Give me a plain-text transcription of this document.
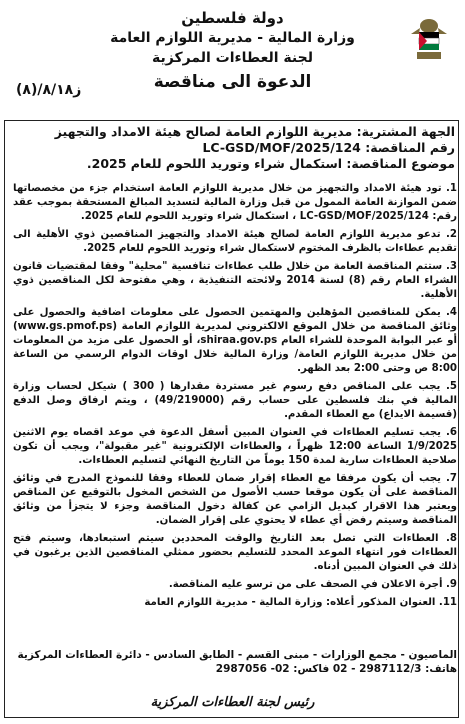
دولة فلسطين
وزارة المالية - مديرية اللوازم العامة
لجنة العطاءات المركزية
الدعوة الى مناقصة
ز٨/١٨/(٨)
الجهة المشترية: مديرية اللوازم العامة لصالح هيئة الامداد والتجهيز
رقم المناقصة: LC-GSD/MOF/2025/124
موضوع المناقصة: استكمال شراء وتوريد اللحوم للعام 2025.
1. تود هيئة الامداد والتجهيز من خلال مديرية اللوازم العامة استخدام جزء من مخصصاتها ضمن الموازنة العامة الممول من قبل وزارة المالية لتسديد المبالغ المستحقة بموجب عقد رقم: LC-GSD/MOF/2025/124 ، استكمال شراء وتوريد اللحوم للعام 2025.
2. تدعو مديرية اللوازم العامة لصالح هيئة الامداد والتجهيز المناقصين ذوي الأهلية الى تقديم عطاءات بالظرف المختوم لاستكمال شراء وتوريد اللحوم للعام 2025.
3. ستتم المناقصة العامة من خلال طلب عطاءات تنافسية "محلية" وفقا لمقتضيات قانون الشراء العام رقم (8) لسنة 2014 ولائحته التنفيذية ، وهي مفتوحة لكل المناقصين ذوي الأهلية.
4. يمكن للمناقصين المؤهلين والمهتمين الحصول على معلومات اضافية والحصول على وثائق المناقصة من خلال الموقع الالكتروني لمديرية اللوازم العامة (www.gs.pmof.ps) أو عبر البوابة الموحدة للشراء العام shiraa.gov.ps، أو الحصول على مزيد من المعلومات من خلال مديرية اللوازم العامة/ وزارة المالية خلال اوقات الدوام الرسمي من الساعة 8:00 ص وحتى 2:00 بعد الظهر.
5. يجب على المناقص دفع رسوم غير مستردة مقدارها ( 300 ) شيكل لحساب وزارة المالية في بنك فلسطين على حساب رقم (49/219000) ، ويتم ارفاق وصل الدفع (قسيمة الايداع) مع العطاء المقدم.
6. يجب تسليم العطاءات في العنوان المبين أسفل الدعوة في موعد اقصاه يوم الاثنين 1/9/2025 الساعة 12:00 ظهراً ، والعطاءات الإلكترونية "غير مقبولة"، ويجب أن تكون صلاحية العطاءات سارية لمدة 150 يوماً من التاريخ النهائي لتسليم العطاءات.
7. يجب أن يكون مرفقا مع العطاء إقرار ضمان للعطاء وفقا للنموذج المدرج في وثائق المناقصة على أن يكون موقعا حسب الأصول من الشخص المخول بالتوقيع عن المناقص ويعتبر هذا الاقرار كبديل الزامي عن كفالة دخول المناقصة وجزء لا يتجزأ من وثائق المناقصة وسيتم رفض أي عطاء لا يحتوي على إقرار الضمان.
8. العطاءات التي تصل بعد التاريخ والوقت المحددين سيتم استبعادها، وسيتم فتح العطاءات فور انتهاء الموعد المحدد للتسليم بحضور ممثلي المناقصين الذين يرغبون في ذلك في العنوان المبين أدناه.
9. أجرة الاعلان في الصحف على من ترسو عليه المناقصة.
11. العنوان المذكور أعلاه: وزارة المالية - مديرية اللوازم العامة
الماصيون - مجمع الوزارات - مبنى القسم - الطابق السادس - دائرة العطاءات المركزية
هاتف: 2987112/3 - 02 فاكس: 02- 2987056
رئيس لجنة العطاءات المركزية
